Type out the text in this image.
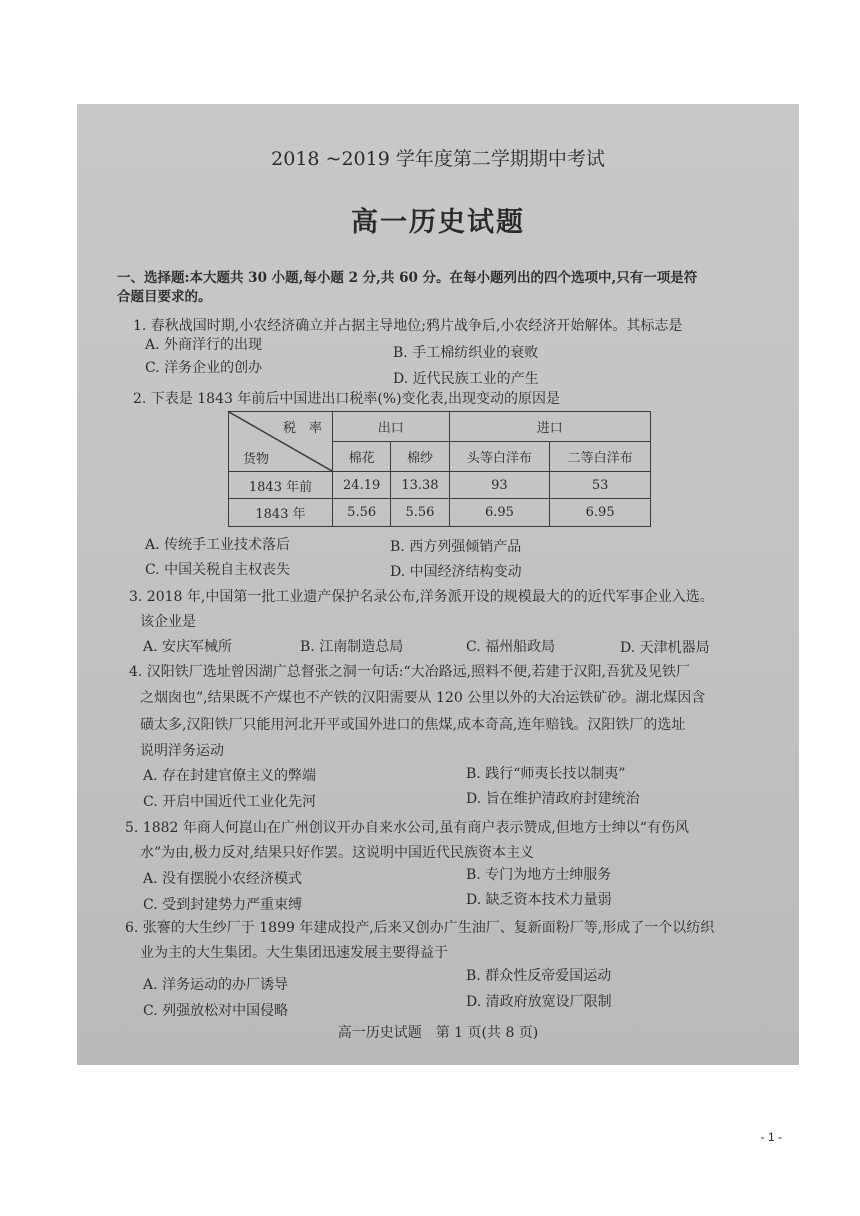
2018 ~2019 学年度第二学期期中考试
高一历史试题
一、选择题:本大题共 30 小题,每小题 2 分,共 60 分。在每小题列出的四个选项中,只有一项是符
合题目要求的。
1. 春秋战国时期,小农经济确立并占据主导地位;鸦片战争后,小农经济开始解体。其标志是
A. 外商洋行的出现	B. 手工棉纺织业的衰败
C. 洋务企业的创办
D. 近代民族工业的产生
2. 下表是 1843 年前后中国进出口税率(%)变化表,出现变动的原因是
税　率
货物	出口		进口	
	棉花	棉纱	头等白洋布	二等白洋布
1843 年前	24.19	13.38	93	53
1843 年	5.56	5.56	6.95	6.95
A. 传统手工业技术落后	B. 西方列强倾销产品
C. 中国关税自主权丧失	D. 中国经济结构变动
3. 2018 年,中国第一批工业遗产保护名录公布,洋务派开设的规模最大的的近代军事企业入选。
该企业是
A. 安庆军械所	B. 江南制造总局	C. 福州船政局	D. 天津机器局
4. 汉阳铁厂选址曾因湖广总督张之洞一句话:“大冶路远,照料不便,若建于汉阳,吾犹及见铁厂
之烟囱也”,结果既不产煤也不产铁的汉阳需要从 120 公里以外的大冶运铁矿砂。湖北煤因含
磺太多,汉阳铁厂只能用河北开平或国外进口的焦煤,成本奇高,连年赔钱。汉阳铁厂的选址
说明洋务运动
A. 存在封建官僚主义的弊端	B. 践行“师夷长技以制夷”
C. 开启中国近代工业化先河	D. 旨在维护清政府封建统治
5. 1882 年商人何崑山在广州创议开办自来水公司,虽有商户表示赞成,但地方士绅以“有伤风
水”为由,极力反对,结果只好作罢。这说明中国近代民族资本主义
A. 没有摆脱小农经济模式	B. 专门为地方士绅服务
C. 受到封建势力严重束缚	D. 缺乏资本技术力量弱
6. 张謇的大生纱厂于 1899 年建成投产,后来又创办广生油厂、复新面粉厂等,形成了一个以纺织
业为主的大生集团。大生集团迅速发展主要得益于
A. 洋务运动的办厂诱导
B. 群众性反帝爱国运动
C. 列强放松对中国侵略
D. 清政府放宽设厂限制
高一历史试题　第 1 页(共 8 页)
- 1 -
